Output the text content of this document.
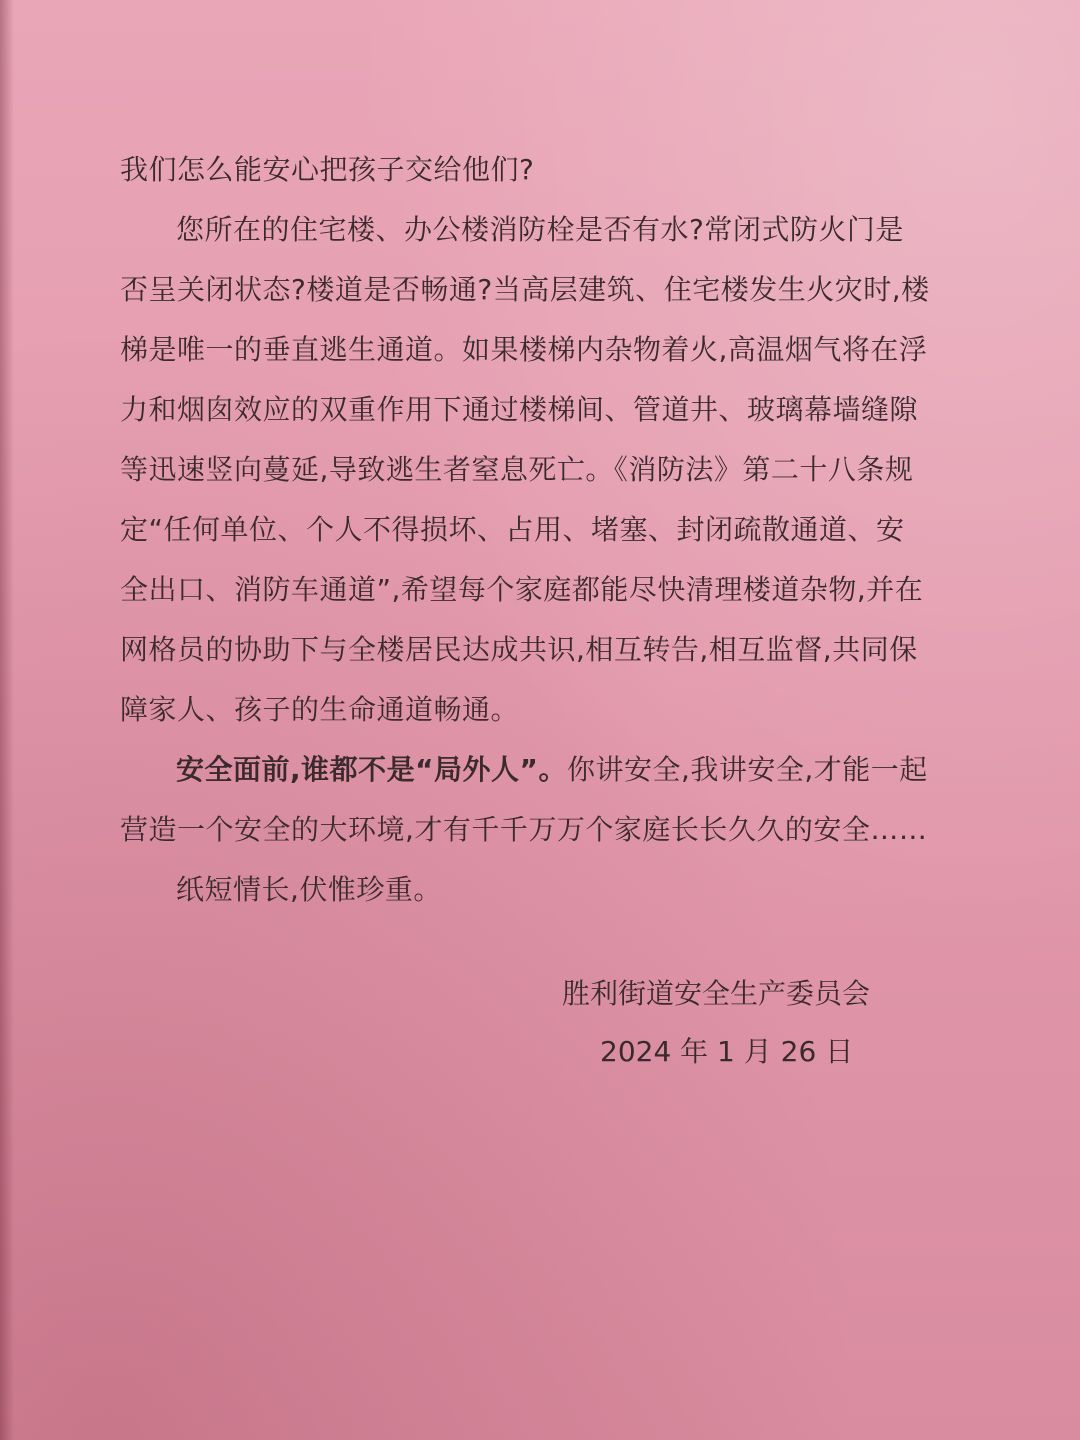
我们怎么能安心把孩子交给他们?

您所在的住宅楼、办公楼消防栓是否有水?常闭式防火门是否呈关闭状态?楼道是否畅通?当高层建筑、住宅楼发生火灾时,楼梯是唯一的垂直逃生通道。如果楼梯内杂物着火,高温烟气将在浮力和烟囱效应的双重作用下通过楼梯间、管道井、玻璃幕墙缝隙等迅速竖向蔓延,导致逃生者窒息死亡。《消防法》第二十八条规定“任何单位、个人不得损坏、占用、堵塞、封闭疏散通道、安全出口、消防车通道”,希望每个家庭都能尽快清理楼道杂物,并在网格员的协助下与全楼居民达成共识,相互转告,相互监督,共同保障家人、孩子的生命通道畅通。

安全面前,谁都不是“局外人”。你讲安全,我讲安全,才能一起营造一个安全的大环境,才有千千万万个家庭长长久久的安全……

纸短情长,伏惟珍重。

胜利街道安全生产委员会
2024 年 1 月 26 日
